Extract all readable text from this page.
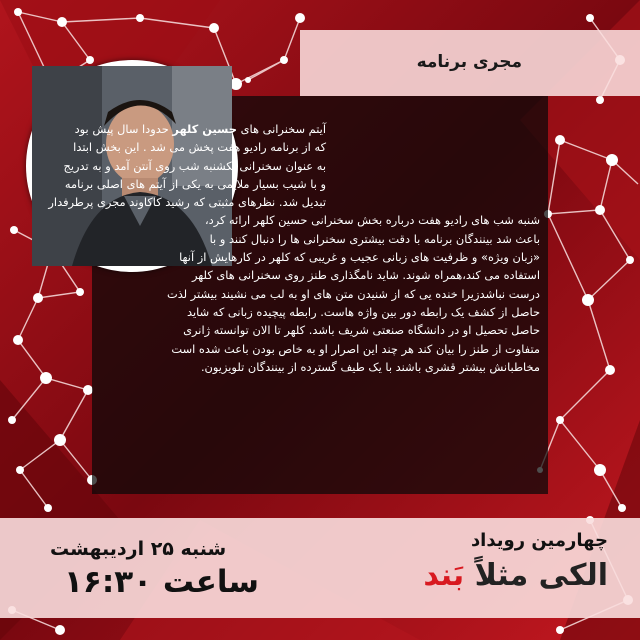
مجری برنامه
آیتم سخنرانی های حسین کلهر حدودا سال پیش بود
که از برنامه رادیو هفت پخش می شد . این بخش ابتدا
به عنوان سخنرانی یکشنبه شب روی آنتن آمد و به تدریج
و با شیب بسیار ملایمی به یکی از آیتم های اصلی برنامه
تبدیل شد. نظرهای مثبتی که رشید کاکاوند مجری پرطرفدار
شنبه شب های رادیو هفت درباره بخش سخنرانی حسین کلهر ارائه کرد،
باعث شد بینندگان برنامه با دقت بیشتری سخنرانی ها را دنبال کنند و با
«زبان ویژه» و ظرفیت های زبانی عجیب و غریبی که کلهر در کارهایش از آنها
استفاده می کند،همراه شوند. شاید نامگذاری طنز روی سخنرانی های کلهر
درست نباشدزیرا خنده یی که از شنیدن متن های او به لب می نشیند بیشتر لذت
حاصل از کشف یک رابطه دور بین واژه هاست. رابطه پیچیده زبانی که شاید
حاصل تحصیل او در دانشگاه صنعتی شریف باشد. کلهر تا الان توانسته ژانری
متفاوت از طنز را بیان کند هر چند این اصرار او به خاص بودن باعث شده است
مخاطبانش بیشتر قشری باشند با یک طیف گسترده از بینندگان تلویزیون.
چهارمین رویداد
الکی مثلاً بَند
شنبه ۲۵ اردیبهشت
ساعت ۱۶:۳۰
